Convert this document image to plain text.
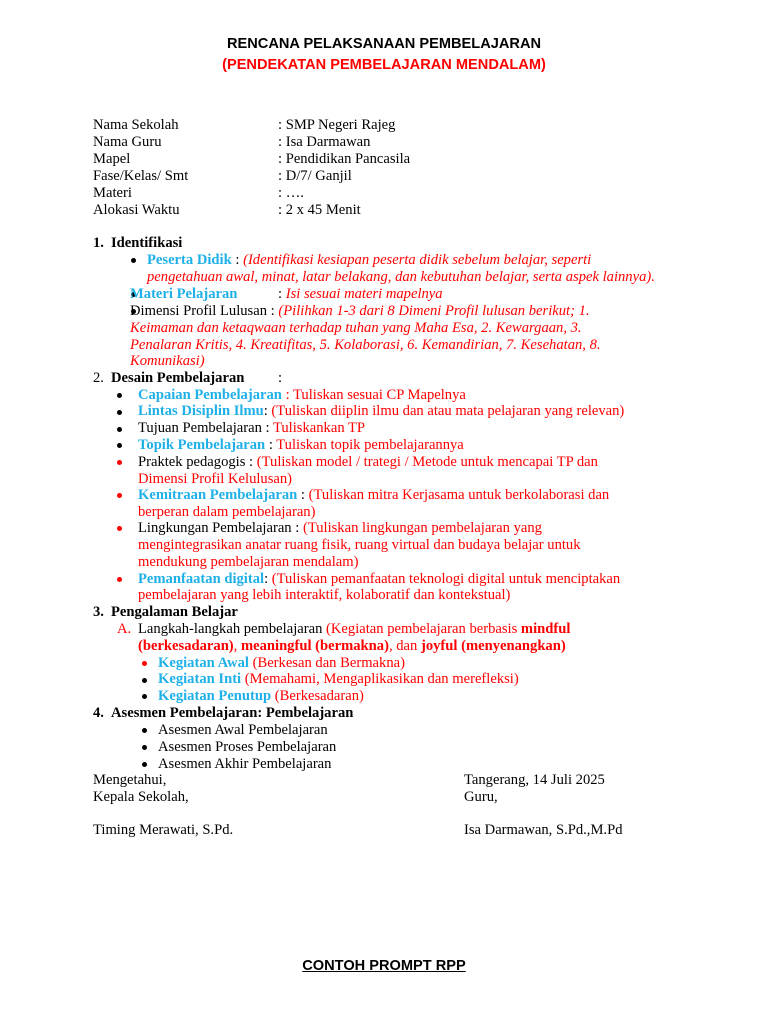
RENCANA PELAKSANAAN PEMBELAJARAN
(PENDEKATAN PEMBELAJARAN MENDALAM)
Nama Sekolah	: SMP Negeri Rajeg
Nama Guru	: Isa Darmawan
Mapel	: Pendidikan Pancasila
Fase/Kelas/ Smt	: D/7/ Ganjil
Materi	: ….
Alokasi Waktu	: 2 x 45 Menit
1. Identifikasi
Peserta Didik : (Identifikasi kesiapan peserta didik sebelum belajar, seperti
pengetahuan awal, minat, latar belakang, dan kebutuhan belajar, serta aspek lainnya).
Materi Pelajaran	: Isi sesuai materi mapelnya
Dimensi Profil Lulusan : (Pilihkan 1-3 dari 8 Dimeni Profil lulusan berikut; 1.
Keimaman dan ketaqwaan terhadap tuhan yang Maha Esa, 2. Kewargaan, 3.
Penalaran Kritis, 4. Kreatifitas, 5. Kolaborasi, 6. Kemandirian, 7. Kesehatan, 8.
Komunikasi)
2. Desain Pembelajaran :
Capaian Pembelajaran : Tuliskan sesuai CP Mapelnya
Lintas Disiplin Ilmu: (Tuliskan diiplin ilmu dan atau mata pelajaran yang relevan)
Tujuan Pembelajaran : Tuliskankan TP
Topik Pembelajaran : Tuliskan topik pembelajarannya
Praktek pedagogis : (Tuliskan model / trategi / Metode untuk mencapai TP dan
Dimensi Profil Kelulusan)
Kemitraan Pembelajaran : (Tuliskan mitra Kerjasama untuk berkolaborasi dan
berperan dalam pembelajaran)
Lingkungan Pembelajaran : (Tuliskan lingkungan pembelajaran yang
mengintegrasikan anatar ruang fisik, ruang virtual dan budaya belajar untuk
mendukung pembelajaran mendalam)
Pemanfaatan digital: (Tuliskan pemanfaatan teknologi digital untuk menciptakan
pembelajaran yang lebih interaktif, kolaboratif dan kontekstual)
3. Pengalaman Belajar
A. Langkah-langkah pembelajaran (Kegiatan pembelajaran berbasis mindful
(berkesadaran), meaningful (bermakna), dan joyful (menyenangkan)
Kegiatan Awal (Berkesan dan Bermakna)
Kegiatan Inti (Memahami, Mengaplikasikan dan merefleksi)
Kegiatan Penutup (Berkesadaran)
4. Asesmen Pembelajaran: Pembelajaran
Asesmen Awal Pembelajaran
Asesmen Proses Pembelajaran
Asesmen Akhir Pembelajaran
Mengetahui,
Kepala Sekolah,
Timing Merawati, S.Pd.
Tangerang, 14 Juli 2025
Guru,
Isa Darmawan, S.Pd.,M.Pd
CONTOH PROMPT RPP
